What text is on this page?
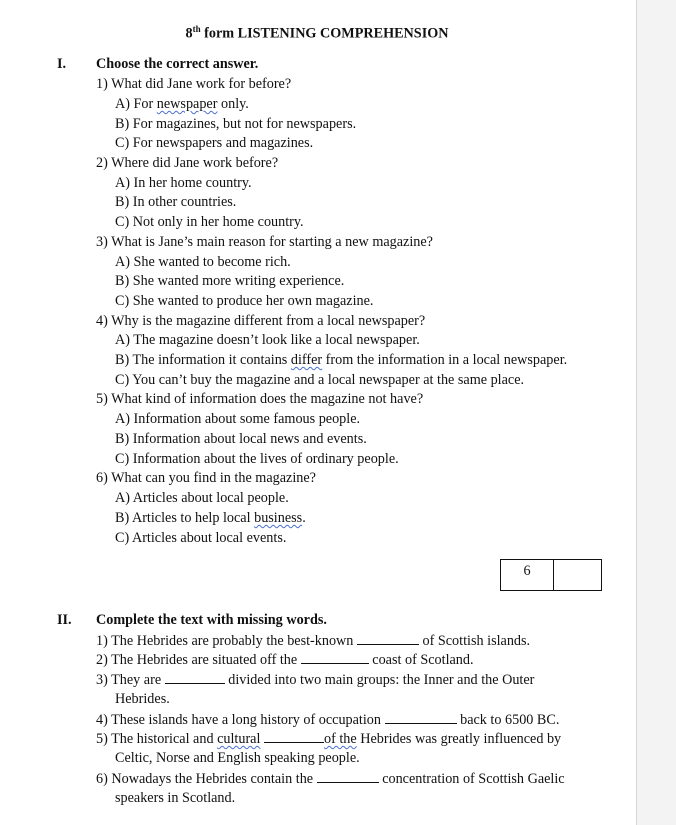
8th form LISTENING COMPREHENSION
I. Choose the correct answer.
1) What did Jane work for before?
A) For newspaper only.
B) For magazines, but not for newspapers.
C) For newspapers and magazines.
2) Where did Jane work before?
A) In her home country.
B) In other countries.
C) Not only in her home country.
3) What is Jane’s main reason for starting a new magazine?
A) She wanted to become rich.
B) She wanted more writing experience.
C) She wanted to produce her own magazine.
4) Why is the magazine different from a local newspaper?
A) The magazine doesn’t look like a local newspaper.
B) The information it contains differ from the information in a local newspaper.
C) You can’t buy the magazine and a local newspaper at the same place.
5) What kind of information does the magazine not have?
A) Information about some famous people.
B) Information about local news and events.
C) Information about the lives of ordinary people.
6) What can you find in the magazine?
A) Articles about local people.
B) Articles to help local business.
C) Articles about local events.
6
II. Complete the text with missing words.
1) The Hebrides are probably the best-known	of Scottish islands.
2) The Hebrides are situated off the	coast of Scotland.
3) They are	divided into two main groups: the Inner and the Outer
Hebrides.
4) These islands have a long history of occupation	back to 6500 BC.
5) The historical and cultural	of the Hebrides was greatly influenced by
Celtic, Norse and English speaking people.
6) Nowadays the Hebrides contain the	concentration of Scottish Gaelic
speakers in Scotland.
